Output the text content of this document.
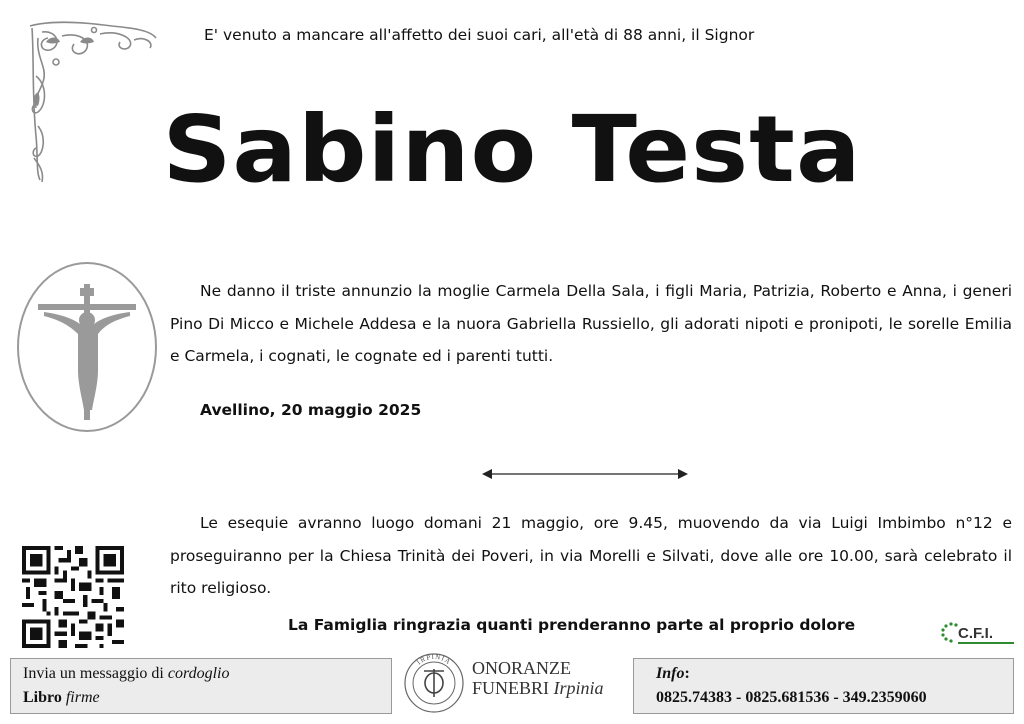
E' venuto a mancare all'affetto dei suoi cari, all'età di 88 anni, il Signor
Sabino Testa

Ne danno il triste annunzio la moglie Carmela Della Sala, i figli Maria, Patrizia, Roberto e Anna, i generi Pino Di Micco e Michele Addesa e la nuora Gabriella Russiello, gli adorati nipoti e pronipoti, le sorelle Emilia e Carmela, i cognati, le cognate ed i parenti tutti.

Avellino, 20 maggio 2025

Le esequie avranno luogo domani 21 maggio, ore 9.45, muovendo da via Luigi Imbimbo n°12 e proseguiranno per la Chiesa Trinità dei Poveri, in via Morelli e Silvati, dove alle ore 10.00, sarà celebrato il rito religioso.

La Famiglia ringrazia quanti prenderanno parte al proprio dolore	C.F.I.
Invia un messaggio di cordoglio
Libro firme
IRPINIA ONORANZE
FUNEBRI Irpinia
Info:
0825.74383 - 0825.681536 - 349.2359060
